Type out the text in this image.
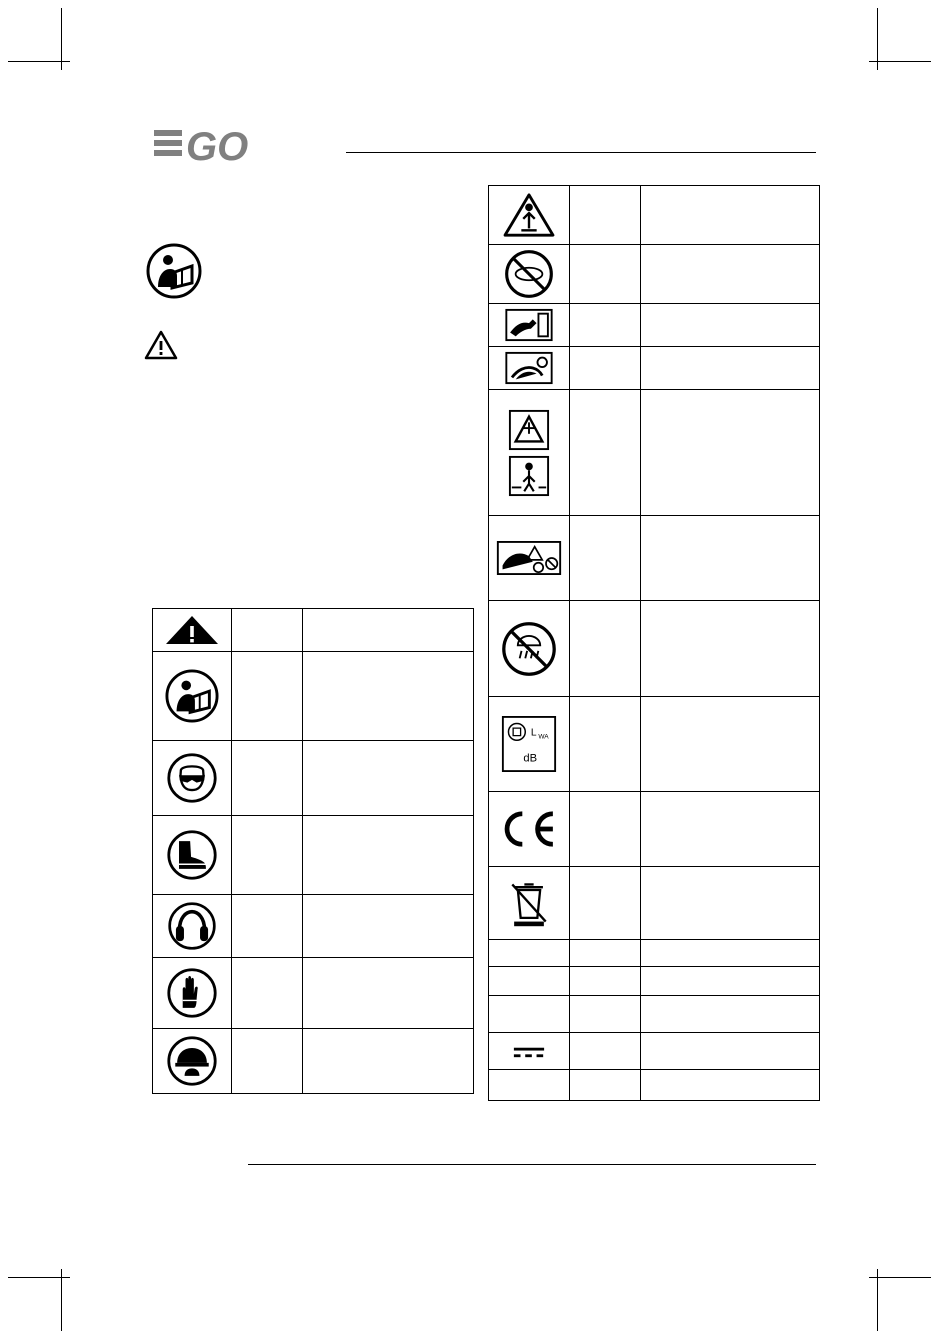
GO

L WA
dB		
